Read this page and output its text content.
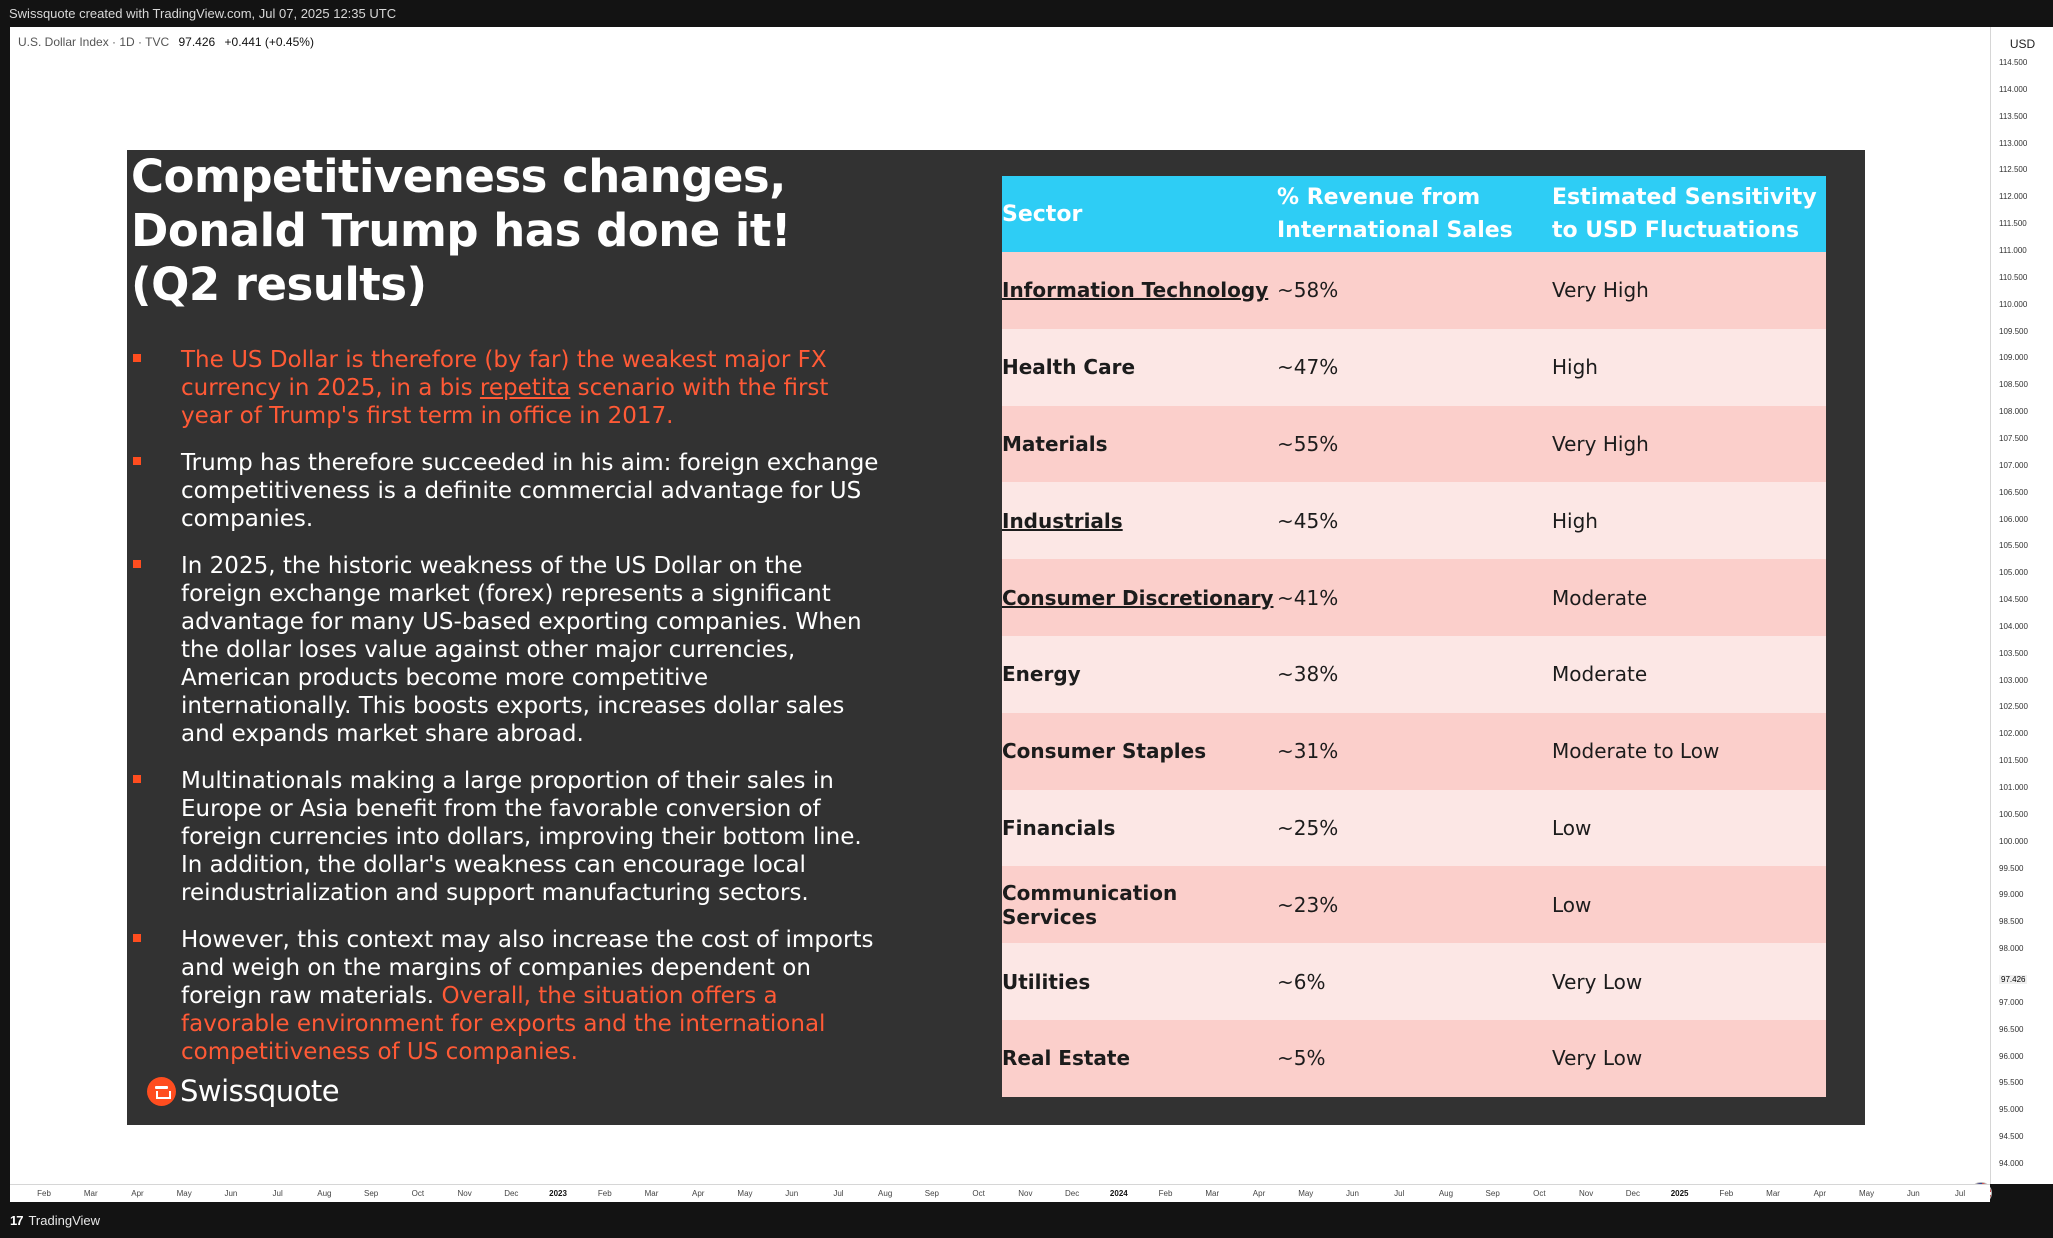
Swissquote created with TradingView.com, Jul 07, 2025 12:35 UTC
U.S. Dollar Index · 1D · TVC 97.426 +0.441 (+0.45%)	USD
114.500
114.000
113.500
113.000
112.500
112.000
111.500
111.000
110.500
110.000
109.500
109.000
108.500
108.000
107.500
107.000
106.500
106.000
105.500
105.000
104.500
104.000
103.500
103.000
102.500
102.000
101.500
101.000
100.500
100.000
99.500
99.000
98.500
98.000
97.000
96.500
96.000
95.500
95.000
94.500
94.000
97.426
Feb	Mar	Apr	May	Jun	Jul	Aug	Sep	Oct	Nov	Dec	2023	Feb	Mar	Apr	May	Jun	Jul	Aug	Sep	Oct	Nov	Dec	2024	Feb	Mar	Apr	May	Jun	Jul	Aug	Sep	Oct	Nov	Dec	2025	Feb	Mar	Apr	May	Jun	Jul
17 TradingView
Competitiveness changes, Donald Trump has done it! (Q2 results)
The US Dollar is therefore (by far) the weakest major FX currency in 2025, in a bis repetita scenario with the first year of Trump's first term in office in 2017.
Trump has therefore succeeded in his aim: foreign exchange competitiveness is a definite commercial advantage for US companies.
In 2025, the historic weakness of the US Dollar on the foreign exchange market (forex) represents a significant advantage for many US-based exporting companies. When the dollar loses value against other major currencies, American products become more competitive internationally. This boosts exports, increases dollar sales and expands market share abroad.
Multinationals making a large proportion of their sales in Europe or Asia benefit from the favorable conversion of foreign currencies into dollars, improving their bottom line. In addition, the dollar's weakness can encourage local reindustrialization and support manufacturing sectors.
However, this context may also increase the cost of imports and weigh on the margins of companies dependent on foreign raw materials. Overall, the situation offers a favorable environment for exports and the international competitiveness of US companies.
Swissquote
Sector	% Revenue from International Sales	Estimated Sensitivity to USD Fluctuations
Information Technology	~58%	Very High
Health Care	~47%	High
Materials	~55%	Very High
Industrials	~45%	High
Consumer Discretionary	~41%	Moderate
Energy	~38%	Moderate
Consumer Staples	~31%	Moderate to Low
Financials	~25%	Low
Communication Services	~23%	Low
Utilities	~6%	Very Low
Real Estate	~5%	Very Low
